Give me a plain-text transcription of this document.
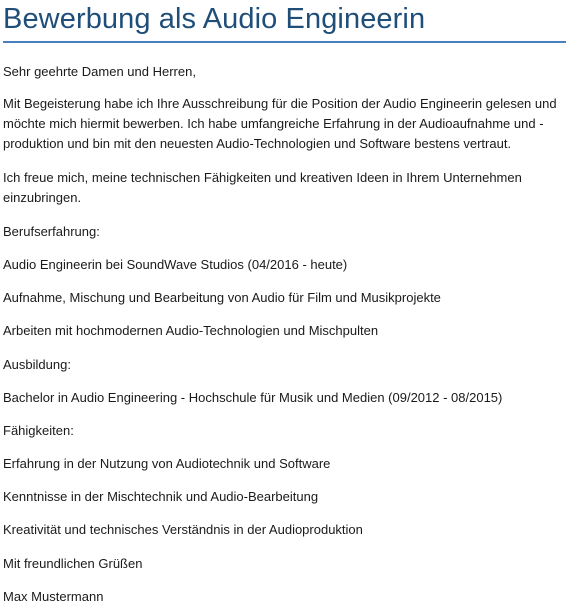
Bewerbung als Audio Engineerin

Sehr geehrte Damen und Herren,

Mit Begeisterung habe ich Ihre Ausschreibung für die Position der Audio Engineerin gelesen und möchte mich hiermit bewerben. Ich habe umfangreiche Erfahrung in der Audioaufnahme und -produktion und bin mit den neuesten Audio-Technologien und Software bestens vertraut.

Ich freue mich, meine technischen Fähigkeiten und kreativen Ideen in Ihrem Unternehmen einzubringen.

Berufserfahrung:

Audio Engineerin bei SoundWave Studios (04/2016 - heute)

Aufnahme, Mischung und Bearbeitung von Audio für Film und Musikprojekte

Arbeiten mit hochmodernen Audio-Technologien und Mischpulten

Ausbildung:

Bachelor in Audio Engineering - Hochschule für Musik und Medien (09/2012 - 08/2015)

Fähigkeiten:

Erfahrung in der Nutzung von Audiotechnik und Software

Kenntnisse in der Mischtechnik und Audio-Bearbeitung

Kreativität und technisches Verständnis in der Audioproduktion

Mit freundlichen Grüßen

Max Mustermann
